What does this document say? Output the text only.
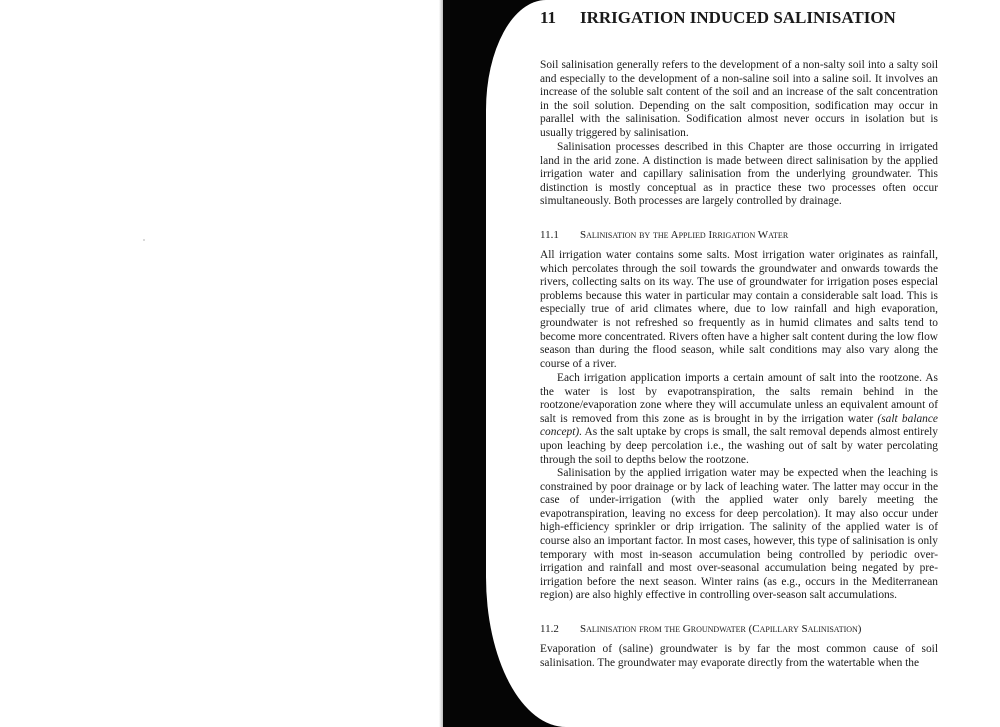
11 IRRIGATION INDUCED SALINISATION

Soil salinisation generally refers to the development of a non-salty soil into a salty soil and especially to the development of a non-saline soil into a saline soil. It involves an increase of the soluble salt content of the soil and an increase of the salt concentration in the soil solution. Depending on the salt composition, sodification may occur in parallel with the salinisation. Sodification almost never occurs in isolation but is usually triggered by salinisation.

Salinisation processes described in this Chapter are those occurring in irrigated land in the arid zone. A distinction is made between direct salinisation by the applied irrigation water and capillary salinisation from the underlying groundwater. This distinction is mostly conceptual as in practice these two processes often occur simultaneously. Both processes are largely controlled by drainage.

11.1 Salinisation by the Applied Irrigation Water

All irrigation water contains some salts. Most irrigation water originates as rainfall, which percolates through the soil towards the groundwater and onwards towards the rivers, collecting salts on its way. The use of groundwater for irrigation poses especial problems because this water in particular may contain a considerable salt load. This is especially true of arid climates where, due to low rainfall and high evaporation, groundwater is not refreshed so frequently as in humid climates and salts tend to become more concentrated. Rivers often have a higher salt content during the low flow season than during the flood season, while salt conditions may also vary along the course of a river.

Each irrigation application imports a certain amount of salt into the rootzone. As the water is lost by evapotranspiration, the salts remain behind in the rootzone/evaporation zone where they will accumulate unless an equivalent amount of salt is removed from this zone as is brought in by the irrigation water (salt balance concept). As the salt uptake by crops is small, the salt removal depends almost entirely upon leaching by deep percolation i.e., the washing out of salt by water percolating through the soil to depths below the rootzone.

Salinisation by the applied irrigation water may be expected when the leaching is constrained by poor drainage or by lack of leaching water. The latter may occur in the case of under-irrigation (with the applied water only barely meeting the evapotranspiration, leaving no excess for deep percolation). It may also occur under high-efficiency sprinkler or drip irrigation. The salinity of the applied water is of course also an important factor. In most cases, however, this type of salinisation is only temporary with most in-season accumulation being controlled by periodic over-irrigation and rainfall and most over-seasonal accumulation being negated by pre-irrigation before the next season. Winter rains (as e.g., occurs in the Mediterranean region) are also highly effective in controlling over-season salt accumulations.

11.2 Salinisation from the Groundwater (Capillary Salinisation)

Evaporation of (saline) groundwater is by far the most common cause of soil salinisation. The groundwater may evaporate directly from the watertable when the
